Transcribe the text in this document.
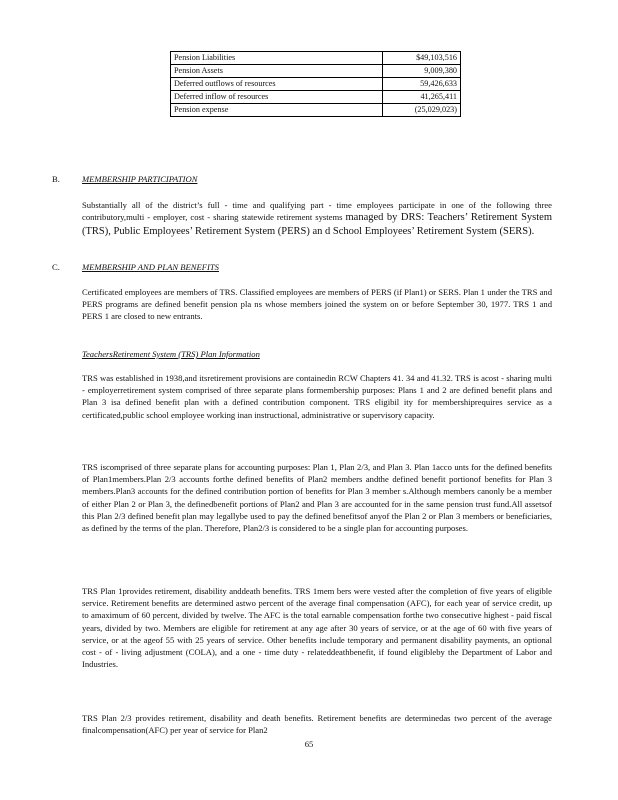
Pension Liabilities	$49,103,516
Pension Assets	9,009,380
Deferred outflows of resources	59,426,633
Deferred inflow of resources	41,265,411
Pension expense	(25,029,023)
B.	MEMBERSHIP PARTICIPATION
Substantially all of the district’s full - time and qualifying part - time employees participate in one of the following three contributory,multi - employer, cost - sharing statewide retirement systems managed by DRS: Teachers’ Retirement System (TRS), Public Employees’ Retirement System (PERS) an d School Employees’ Retirement System (SERS).
C.	MEMBERSHIP AND PLAN BENEFITS
Certificated employees are members of TRS. Classified employees are members of PERS (if Plan1) or SERS. Plan 1 under the TRS and PERS programs are defined benefit pension pla ns whose members joined the system on or before September 30, 1977. TRS 1 and PERS 1 are closed to new entrants.
TeachersRetirement System (TRS) Plan Information
TRS was established in 1938,and itsretirement provisions are containedin RCW Chapters 41. 34 and 41.32. TRS is acost - sharing multi - employerretirement system comprised of three separate plans formembership purposes: Plans 1 and 2 are defined benefit plans and Plan 3 isa defined benefit plan with a defined contribution component. TRS eligibil ity for membershiprequires service as a certificated,public school employee working inan instructional, administrative or supervisory capacity.
TRS iscomprised of three separate plans for accounting purposes: Plan 1, Plan 2/3, and Plan 3. Plan 1acco unts for the defined benefits of Plan1members.Plan 2/3 accounts forthe defined benefits of Plan2 members andthe defined benefit portionof benefits for Plan 3 members.Plan3 accounts for the defined contribution portion of benefits for Plan 3 member s.Although members canonly be a member of either Plan 2 or Plan 3, the definedbenefit portions of Plan2 and Plan 3 are accounted for in the same pension trust fund.All assetsof this Plan 2/3 defined benefit plan may legallybe used to pay the defined benefitsof anyof the Plan 2 or Plan 3 members or beneficiaries, as defined by the terms of the plan. Therefore, Plan2/3 is considered to be a single plan for accounting purposes.
TRS Plan 1provides retirement, disability anddeath benefits. TRS 1mem bers were vested after the completion of five years of eligible service. Retirement benefits are determined astwo percent of the average final compensation (AFC), for each year of service credit, up to amaximum of 60 percent, divided by twelve. The AFC is the total earnable compensation forthe two consecutive highest - paid fiscal years, divided by two. Members are eligible for retirement at any age after 30 years of service, or at the age of 60 with five years of service, or at the ageof 55 with 25 years of service. Other benefits include temporary and permanent disability payments, an optional cost - of - living adjustment (COLA), and a one - time duty - relateddeathbenefit, if found eligibleby the Department of Labor and Industries.
TRS Plan 2/3 provides retirement, disability and death benefits. Retirement benefits are determinedas two percent of the average finalcompensation(AFC) per year of service for Plan2
65
